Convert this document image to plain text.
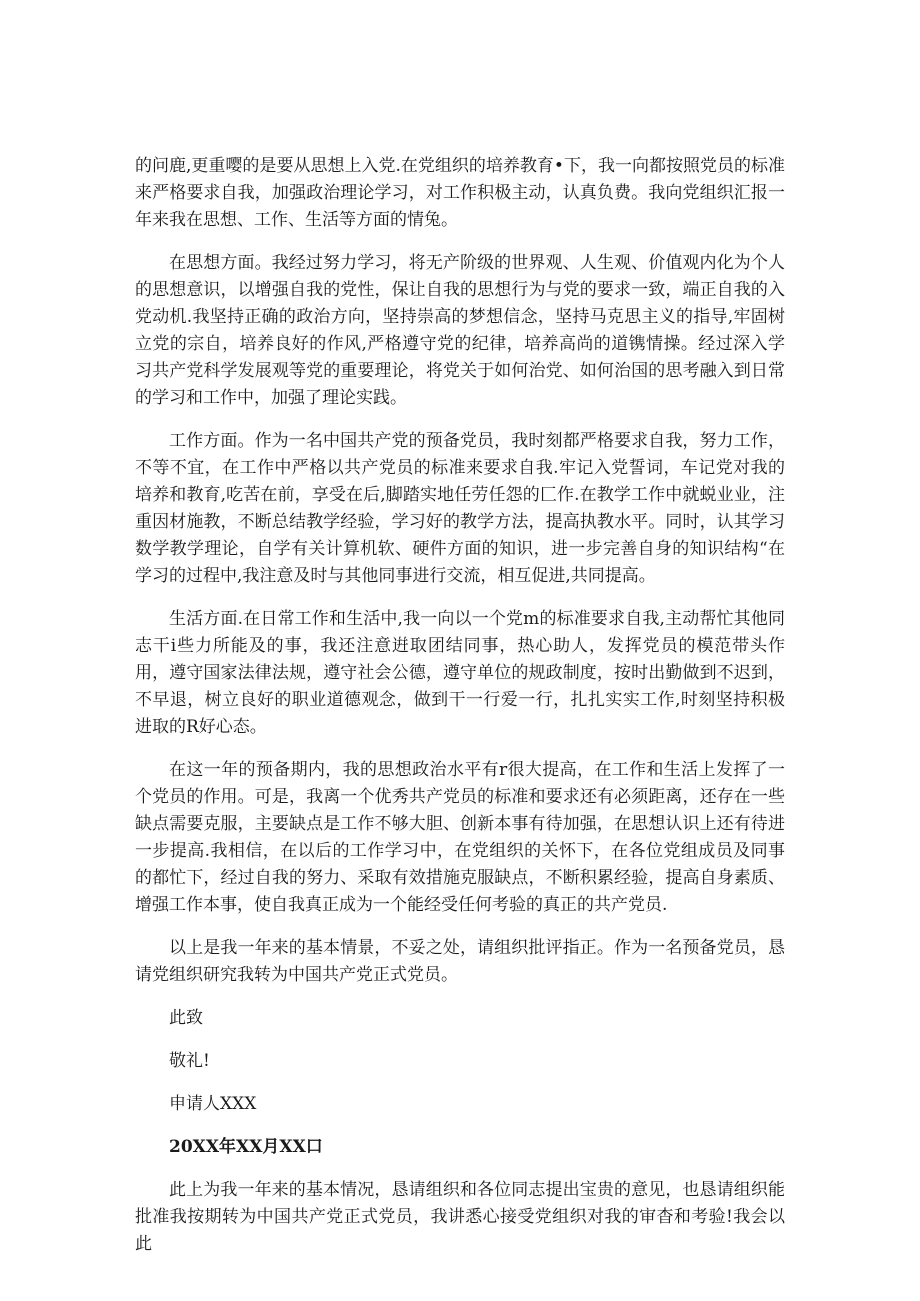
的问鹿,更重嘤的是要从思想上入党.在党组织的培养教育•下，我一向都按照党员的标准来严格要求自我，加强政治理论学习，对工作积极主动，认真负费。我向党组织汇报一年来我在思想、工作、生活等方面的情兔。

在思想方面。我经过努力学习，将无产阶级的世界观、人生观、价值观内化为个人的思想意识，以增强自我的党性，保让自我的思想行为与党的要求一致，端正自我的入党动机.我坚持正确的政治方向，坚持崇高的梦想信念，坚持马克思主义的指导,牢固树立党的宗自，培养良好的作风,严格遵守党的纪律，培养高尚的道镌情操。经过深入学习共产党科学发展观等党的重要理论，将党关于如何治党、如何治国的思考融入到日常的学习和工作中，加强了理论实践。

工作方面。作为一名中国共产党的预备党员，我时刻都严格要求自我，努力工作，不等不宜，在工作中严格以共产党员的标准来要求自我.牢记入党誓词，车记党对我的培养和教育,吃苦在前，享受在后,脚踏实地任劳任怨的匚作.在教学工作中就蜕业业，注重因材施教，不断总结教学经验，学习好的教学方法，提高执教水平。同时，认其学习数学教学理论，自学有关计算机软、硬件方面的知识，进一步完善自身的知识结构“在学习的过程中,我注意及时与其他同事进行交流，相互促进,共同提高。

生活方面.在日常工作和生活中,我一向以一个党m的标准要求自我,主动帮忙其他同志干i些力所能及的事，我还注意逬取团结同事，热心助人，发挥党员的模范带头作用，遵守国家法律法规，遵守社会公德，遵守单位的规政制度，按时出勤做到不迟到，不早退，树立良好的职业道德观念，做到干一行爱一行，扎扎实实工作,时刻坚持积极进取的R好心态。

在这一年的预备期内，我的思想政治水平有r很大提高，在工作和生活上发挥了一个党员的作用。可是，我离一个优秀共产党员的标准和要求还有必须距离，还存在一些缺点需要克服，主要缺点是工作不够大胆、创新本事有待加强，在思想认识上还有待进一步提高.我相信，在以后的工作学习中，在党组织的关怀下，在各位党组成员及同事的都忙下，经过自我的努力、采取有效措施克服缺点，不断积累经验，提高自身素质、增强工作本事，使自我真正成为一个能经受任何考验的真正的共产党员.

以上是我一年来的基本情景，不妥之处，请组织批评指正。作为一名预备党员，恳请党组织研究我转为中国共产党正式党员。

此致

敬礼!

申请人XXX

20XX年XX月XX口

此上为我一年来的基本情况，恳请组织和各位同志提出宝贵的意见，也恳请组织能批准我按期转为中国共产党正式党员，我讲悉心接受党组织对我的审杳和考验!我会以此
